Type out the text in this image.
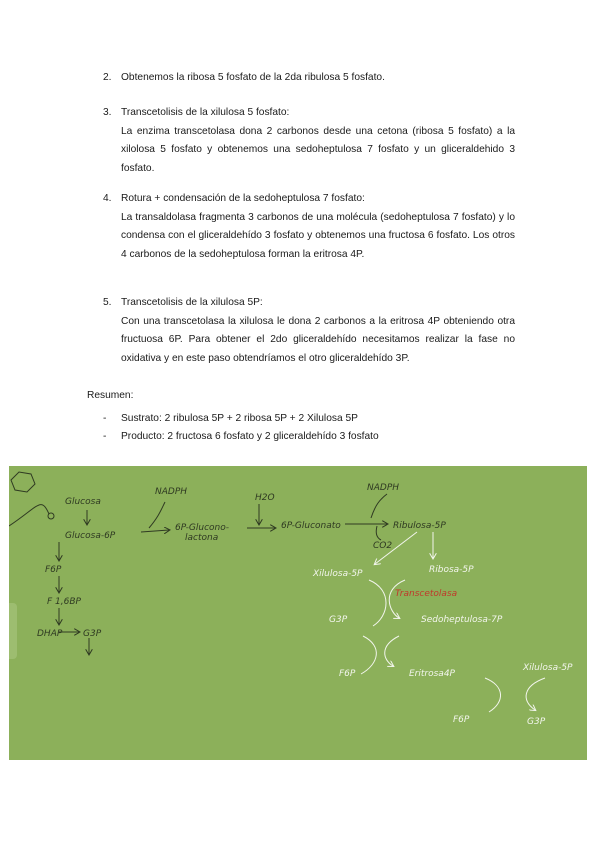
2. Obtenemos la ribosa 5 fosfato de la 2da ribulosa 5 fosfato.
3. Transcetolisis de la xilulosa 5 fosfato:
La enzima transcetolasa dona 2 carbonos desde una cetona (ribosa 5 fosfato) a la xilolosa 5 fosfato y obtenemos una sedoheptulosa 7 fosfato y un gliceraldehido 3 fosfato.
4. Rotura + condensación de la sedoheptulosa 7 fosfato:
La transaldolasa fragmenta 3 carbonos de una molécula (sedoheptulosa 7 fosfato) y lo condensa con el gliceraldehído 3 fosfato y obtenemos una fructosa 6 fosfato. Los otros 4 carbonos de la sedoheptulosa forman la eritrosa 4P.
5. Transcetolisis de la xilulosa 5P:
Con una transcetolasa la xilulosa le dona 2 carbonos a la eritrosa 4P obteniendo otra fructuosa 6P. Para obtener el 2do gliceraldehído necesitamos realizar la fase no oxidativa y en este paso obtendríamos el otro gliceraldehído 3P.
Resumen:
- Sustrato: 2 ribulosa 5P + 2 ribosa 5P + 2 Xilulosa 5P
- Producto: 2 fructosa 6 fosfato y 2 gliceraldehído 3 fosfato
Glucosa
Glucosa-6P
NADPH
6P-Glucono-
lactona
H2O
6P-Gluconato
NADPH
Ribulosa-5P
CO2
F6P
F 1,6BP
DHAP G3P
Xilulosa-5P	Ribosa-5P
G3P	Sedoheptulosa-7P
F6P	Eritrosa4P
Xilulosa-5P
F6P	G3P
Transcetolasa
